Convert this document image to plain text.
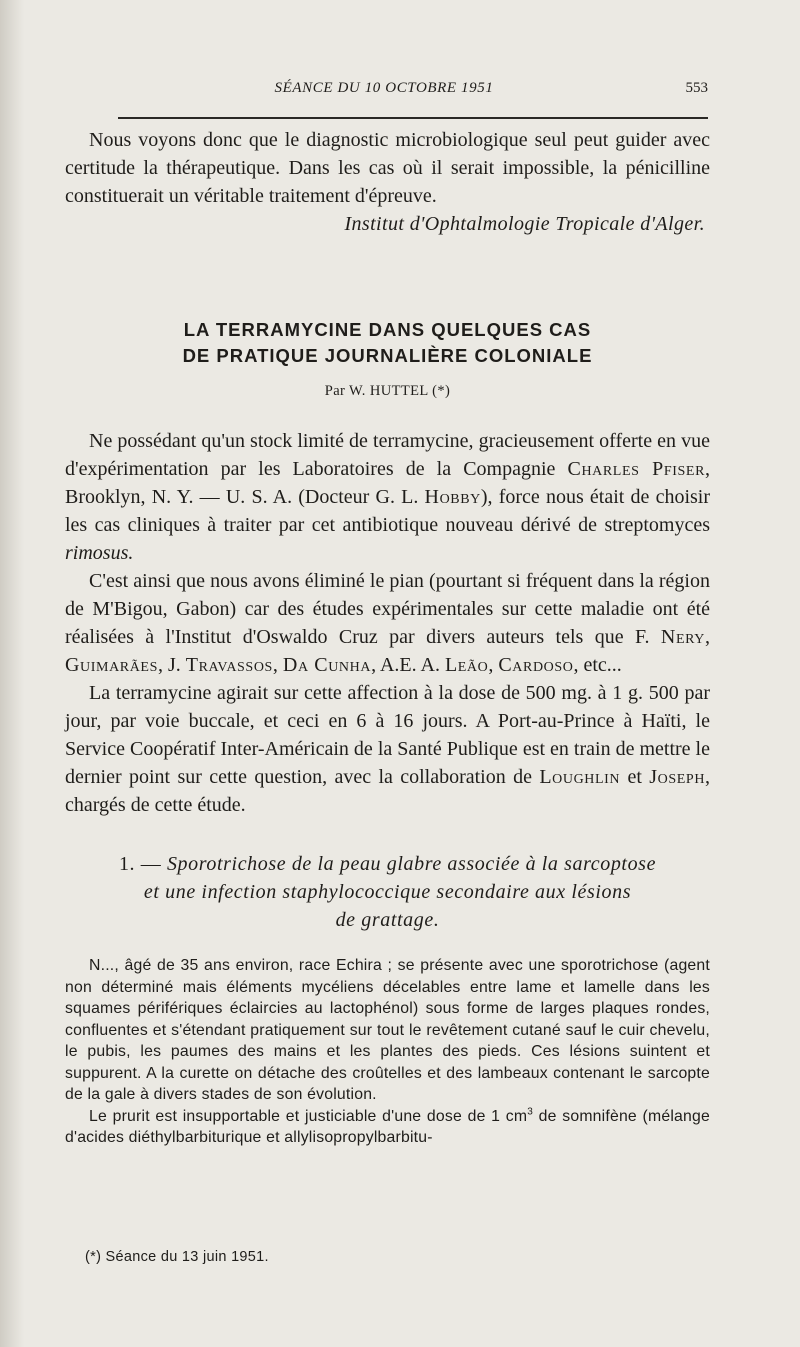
SÉANCE DU 10 OCTOBRE 1951	553

Nous voyons donc que le diagnostic microbiologique seul peut guider avec certitude la thérapeutique. Dans les cas où il serait impossible, la pénicilline constituerait un véritable traitement d'épreuve.

Institut d'Ophtalmologie Tropicale d'Alger.

LA TERRAMYCINE DANS QUELQUES CAS

DE PRATIQUE JOURNALIÈRE COLONIALE

Par W. HUTTEL (*)

Ne possédant qu'un stock limité de terramycine, gracieusement offerte en vue d'expérimentation par les Laboratoires de la Compagnie Charles Pfiser, Brooklyn, N. Y. — U. S. A. (Docteur G. L. Hobby), force nous était de choisir les cas cliniques à traiter par cet antibiotique nouveau dérivé de streptomyces rimosus.

C'est ainsi que nous avons éliminé le pian (pourtant si fréquent dans la région de M'Bigou, Gabon) car des études expérimentales sur cette maladie ont été réalisées à l'Institut d'Oswaldo Cruz par divers auteurs tels que F. Nery, Guimarães, J. Travassos, Da Cunha, A.E. A. Leão, Cardoso, etc...

La terramycine agirait sur cette affection à la dose de 500 mg. à 1 g. 500 par jour, par voie buccale, et ceci en 6 à 16 jours. A Port-au-Prince à Haïti, le Service Coopératif Inter-Américain de la Santé Publique est en train de mettre le dernier point sur cette question, avec la collaboration de Loughlin et Joseph, chargés de cette étude.

1. — Sporotrichose de la peau glabre associée à la sarcoptose

et une infection staphylococcique secondaire aux lésions

de grattage.

N..., âgé de 35 ans environ, race Echira ; se présente avec une sporotrichose (agent non déterminé mais éléments mycéliens décelables entre lame et lamelle dans les squames périfériques éclaircies au lactophénol) sous forme de larges plaques rondes, confluentes et s'étendant pratiquement sur tout le revêtement cutané sauf le cuir chevelu, le pubis, les paumes des mains et les plantes des pieds. Ces lésions suintent et suppurent. A la curette on détache des croûtelles et des lambeaux contenant le sarcopte de la gale à divers stades de son évolution.

Le prurit est insupportable et justiciable d'une dose de 1 $cm^3$ de somnifène (mélange d'acides diéthylbarbiturique et allylisopropylbarbitu-

(*) Séance du 13 juin 1951.
